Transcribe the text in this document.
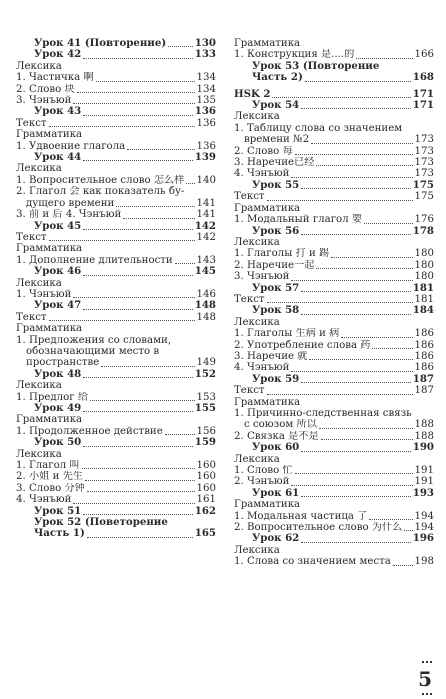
Урок 41 (Повторение)	130
Урок 42	133
Лексика
1. Частичка 啊	134
2. Слово 块	134
3. Чэнъюй	135
Урок 43	136
Текст	136
Грамматика
1. Удвоение глагола	136
Урок 44	139
Лексика
1. Вопросительное слово 怎么样 140
2. Глагол 会 как показатель бу-
дущего времени	141
3. 前 и 后 4. Чэнъюй	141
Урок 45	142
Текст	142
Грамматика
1. Дополнение длительности 143
Урок 46	145
Лексика
1. Чэнъюй	146
Урок 47	148
Текст	148
Грамматика
1. Предложения со словами,
обозначающими место в
пространстве	149
Урок 48	152
Лексика
1. Предлог 给	153
Урок 49	155
Грамматика
1. Продолженное действие	156
Урок 50	159
Лексика
1. Глагол 叫	160
2. 小姐 и 先生	160
3. Слово 分钟	160
4. Чэнъюй	161
Урок 51	162
Урок 52 (Поветорение
Часть 1)	165
Грамматика
1. Конструкция 是....的	166
Урок 53 (Повторение
Часть 2)	168
HSK 2	171
Урок 54	171
Лексика
1. Таблицу слова со значением
времени №2	173
2. Слово 每	173
3. Наречие已经	173
4. Чэнъюй	173
Урок 55	175
Текст	175
Грамматика
1. Модальный глагол 要	176
Урок 56	178
Лексика
1. Глаголы 打 и 踢	180
2. Наречие一起	180
3. Чэнъюй	180
Урок 57	181
Текст	181
Урок 58	184
Лексика
1. Глаголы 生病 и 病	186
2. Употребление слова 药	186
3. Наречие 就	186
4. Чэнъюй	186
Урок 59	187
Текст	187
Грамматика
1. Причинно-следственная связь
с союзом 所以	188
2. Связка 是不是	188
Урок 60	190
Лексика
1. Слово 忙	191
2. Чэнъюй	191
Урок 61	193
Грамматика
1. Модальная частица 了	194
2. Вопросительное слово 为什么 194
Урок 62	196
Лексика
1. Слова со значением места 198
5
